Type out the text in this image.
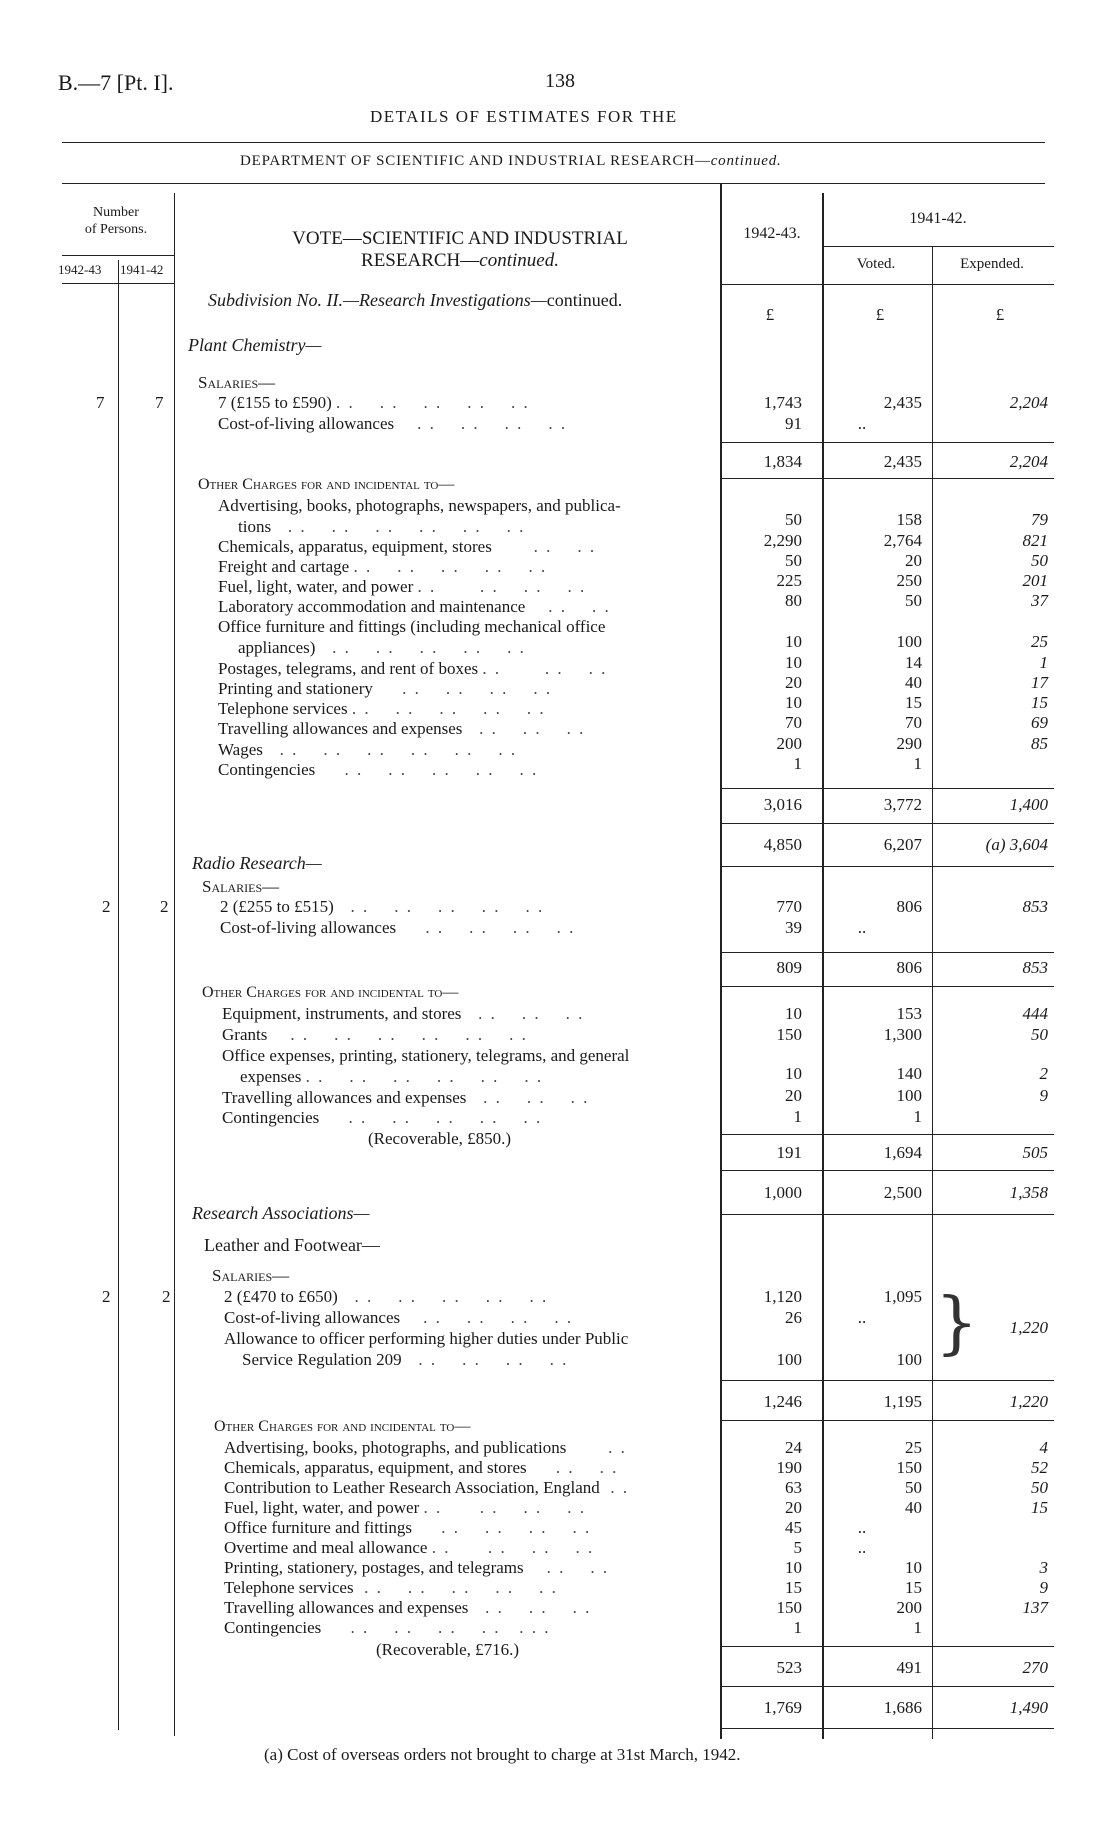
B.—7 [Pt. I].	138
DETAILS OF ESTIMATES FOR THE
DEPARTMENT OF SCIENTIFIC AND INDUSTRIAL RESEARCH—continued.
Number
of Persons.
1942-43 1941-42
VOTE—SCIENTIFIC AND INDUSTRIAL
RESEARCH—continued.
1942-43.
1941-42.
Voted.	Expended.
£	£	£
Subdivision No. II.—Research Investigations—continued.
Plant Chemistry—
Salaries—
7	7	7 (£155 to £590) . .    . .    . .    . .    . .	1,743	2,435	2,204
Cost-of-living allowances    . .    . .    . .    . .	91	..
1,834	2,435	2,204
Other Charges for and incidental to—
Advertising, books, photographs, newspapers, and publica-
tions   . .    . .    . .    . .    . .    . .	50	158	79
Chemicals, apparatus, equipment, stores       . .    . .	2,290	2,764	821
Freight and cartage . .    . .    . .    . .    . .	50	20	50
Fuel, light, water, and power . .       . .    . .    . .	225	250	201
Laboratory accommodation and maintenance    . .    . .	80	50	37
Office furniture and fittings (including mechanical office
appliances)   . .    . .    . .    . .    . .	10	100	25
Postages, telegrams, and rent of boxes . .       . .    . .	10	14	1
Printing and stationery     . .    . .    . .    . .	20	40	17
Telephone services . .    . .    . .    . .    . .	10	15	15
Travelling allowances and expenses   . .    . .    . .	70	70	69
Wages   . .    . .    . .    . .    . .    . .	200	290	85
Contingencies     . .    . .    . .    . .    . .	1	1
3,016	3,772	1,400
4,850	6,207	(a) 3,604
Radio Research—
Salaries—
2	2	2 (£255 to £515)   . .    . .    . .    . .    . .	770	806	853
Cost-of-living allowances     . .    . .    . .    . .	39	..
809	806	853
Other Charges for and incidental to—
Equipment, instruments, and stores   . .    . .    . .	10	153	444
Grants    . .    . .    . .    . .    . .    . .	150	1,300	50
Office expenses, printing, stationery, telegrams, and general
expenses . .    . .    . .    . .    . .    . .	10	140	2
Travelling allowances and expenses   . .    . .    . .	20	100	9
Contingencies     . .    . .    . .    . .    . .	1	1
(Recoverable, £850.)
191	1,694	505
1,000	2,500	1,358
Research Associations—
Leather and Footwear—
Salaries—
2	2	2 (£470 to £650)   . .    . .    . .    . .    . .	1,120	1,095
Cost-of-living allowances    . .    . .    . .    . .	26	..
Allowance to officer performing higher duties under Public
Service Regulation 209   . .    . .    . .    . .	100	100 }	1,220
1,246	1,195	1,220
Other Charges for and incidental to—
Advertising, books, photographs, and publications       . .	24	25	4
Chemicals, apparatus, equipment, and stores     . .    . .	190	150	52
Contribution to Leather Research Association, England  . .	63	50	50
Fuel, light, water, and power . .      . .    . .    . .	20	40	15
Office furniture and fittings     . .    . .    . .    . .	45	..
Overtime and meal allowance . .      . .    . .    . .	5	..
Printing, stationery, postages, and telegrams    . .    . .	10	10	3
Telephone services  . .    . .    . .    . .    . .	15	15	9
Travelling allowances and expenses   . .    . .    . .	150	200	137
Contingencies     . .    . .    . .    . .   . . .	1	1
(Recoverable, £716.)
523	491	270
1,769	1,686	1,490
(a) Cost of overseas orders not brought to charge at 31st March, 1942.
